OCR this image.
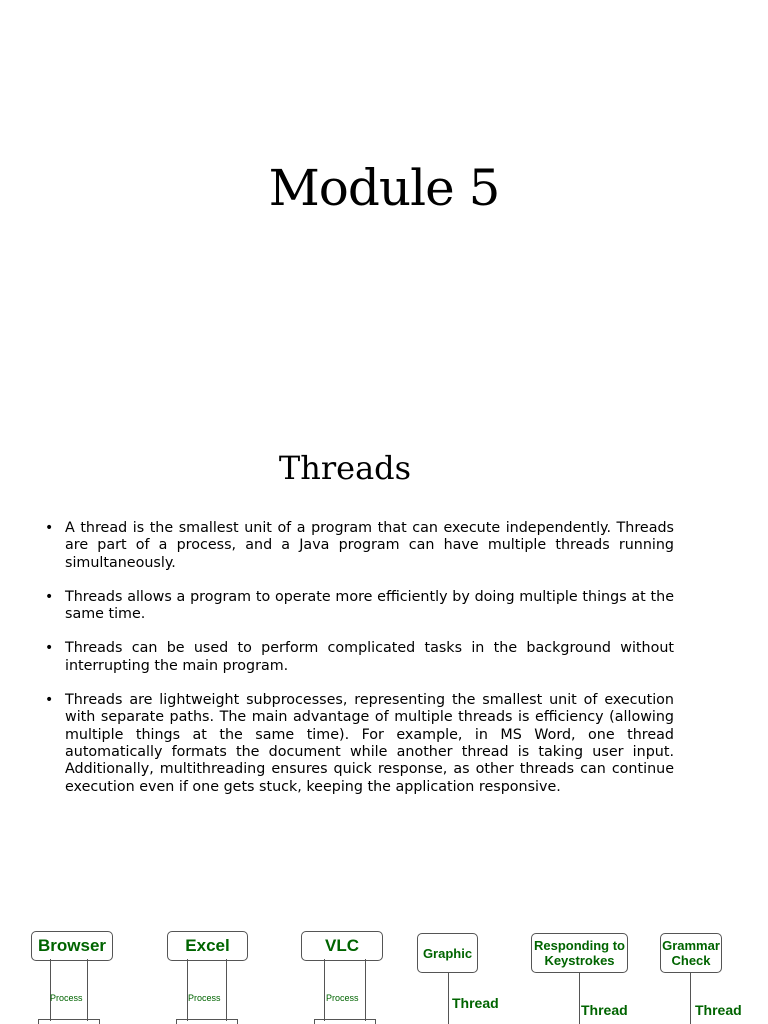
Module 5
Threads
• A thread is the smallest unit of a program that can execute independently. Threads are part of a process, and a Java program can have multiple threads running simultaneously.
• Threads allows a program to operate more efficiently by doing multiple things at the same time.
• Threads can be used to perform complicated tasks in the background without interrupting the main program.
• Threads are lightweight subprocesses, representing the smallest unit of execution with separate paths. The main advantage of multiple threads is efficiency (allowing multiple things at the same time). For example, in MS Word, one thread automatically formats the document while another thread is taking user input. Additionally, multithreading ensures quick response, as other threads can continue execution even if one gets stuck, keeping the application responsive.
Browser
Process
Excel
Process
VLC
Process
Graphic
Thread
Responding to Keystrokes
Thread
Grammar Check
Thread
